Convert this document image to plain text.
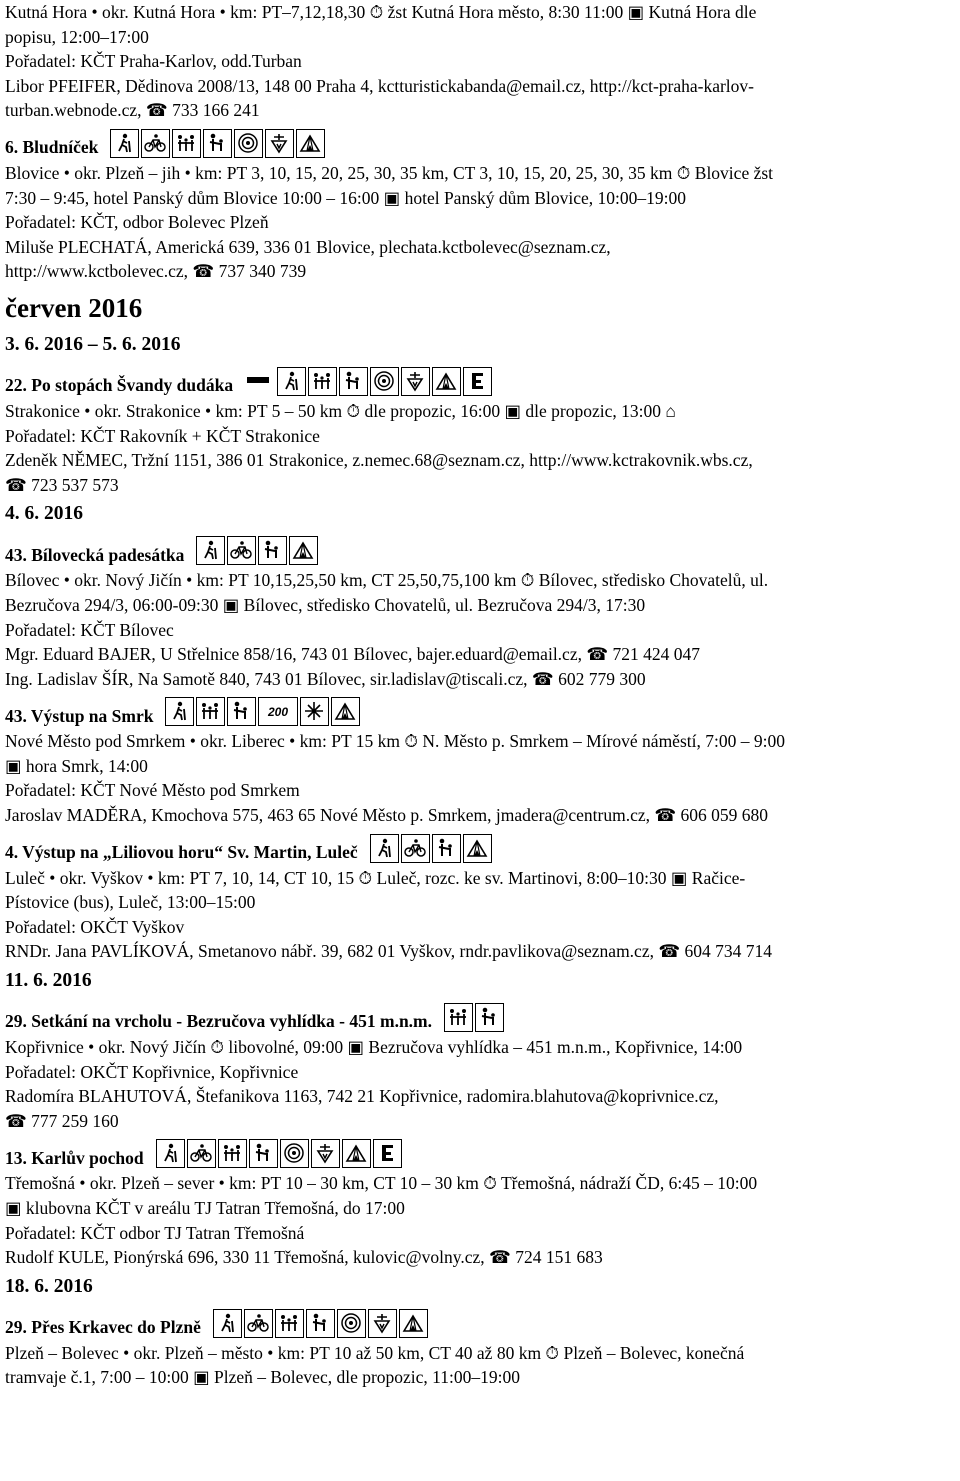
Kutná Hora • okr. Kutná Hora • km: PT–7,12,18,30 ⏱ žst Kutná Hora město, 8:30 11:00 ▣ Kutná Hora dle
popisu, 12:00–17:00
Pořadatel: KČT Praha-Karlov, odd.Turban
Libor PFEIFER, Dědinova 2008/13, 148 00 Praha 4, kctturistickabanda@email.cz, http://kct-praha-karlov-
turban.webnode.cz, ☎ 733 166 241
6. Bludníček
Blovice • okr. Plzeň – jih • km: PT 3, 10, 15, 20, 25, 30, 35 km, CT 3, 10, 15, 20, 25, 30, 35 km ⏱ Blovice žst
7:30 – 9:45, hotel Panský dům Blovice 10:00 – 16:00 ▣ hotel Panský dům Blovice, 10:00–19:00
Pořadatel: KČT, odbor Bolevec Plzeň
Miluše PLECHATÁ, Americká 639, 336 01 Blovice, plechata.kctbolevec@seznam.cz,
http://www.kctbolevec.cz, ☎ 737 340 739
červen 2016
3. 6. 2016 – 5. 6. 2016
22. Po stopách Švandy dudáka
Strakonice • okr. Strakonice • km: PT 5 – 50 km ⏱ dle propozic, 16:00 ▣ dle propozic, 13:00 ⌂
Pořadatel: KČT Rakovník + KČT Strakonice
Zdeněk NĚMEC, Tržní 1151, 386 01 Strakonice, z.nemec.68@seznam.cz, http://www.kctrakovnik.wbs.cz,
☎ 723 537 573
4. 6. 2016
43. Bílovecká padesátka
Bílovec • okr. Nový Jičín • km: PT 10,15,25,50 km, CT 25,50,75,100 km ⏱ Bílovec, středisko Chovatelů, ul.
Bezručova 294/3, 06:00-09:30 ▣ Bílovec, středisko Chovatelů, ul. Bezručova 294/3, 17:30
Pořadatel: KČT Bílovec
Mgr. Eduard BAJER, U Střelnice 858/16, 743 01 Bílovec, bajer.eduard@email.cz, ☎ 721 424 047
Ing. Ladislav ŠÍR, Na Samotě 840, 743 01 Bílovec, sir.ladislav@tiscali.cz, ☎ 602 779 300
43. Výstup na Smrk	200
Nové Město pod Smrkem • okr. Liberec • km: PT 15 km ⏱ N. Město p. Smrkem – Mírové náměstí, 7:00 – 9:00
▣ hora Smrk, 14:00
Pořadatel: KČT Nové Město pod Smrkem
Jaroslav MADĚRA, Kmochova 575, 463 65 Nové Město p. Smrkem, jmadera@centrum.cz, ☎ 606 059 680
4. Výstup na „Liliovou horu“ Sv. Martin, Luleč
Luleč • okr. Vyškov • km: PT 7, 10, 14, CT 10, 15 ⏱ Luleč, rozc. ke sv. Martinovi, 8:00–10:30 ▣ Račice-
Pístovice (bus), Luleč, 13:00–15:00
Pořadatel: OKČT Vyškov
RNDr. Jana PAVLÍKOVÁ, Smetanovo nábř. 39, 682 01 Vyškov, rndr.pavlikova@seznam.cz, ☎ 604 734 714
11. 6. 2016
29. Setkání na vrcholu - Bezručova vyhlídka - 451 m.n.m.
Kopřivnice • okr. Nový Jičín ⏱ libovolné, 09:00 ▣ Bezručova vyhlídka – 451 m.n.m., Kopřivnice, 14:00
Pořadatel: OKČT Kopřivnice, Kopřivnice
Radomíra BLAHUTOVÁ, Štefanikova 1163, 742 21 Kopřivnice, radomira.blahutova@koprivnice.cz,
☎ 777 259 160
13. Karlův pochod
Třemošná • okr. Plzeň – sever • km: PT 10 – 30 km, CT 10 – 30 km ⏱ Třemošná, nádraží ČD, 6:45 – 10:00
▣ klubovna KČT v areálu TJ Tatran Třemošná, do 17:00
Pořadatel: KČT odbor TJ Tatran Třemošná
Rudolf KULE, Pionýrská 696, 330 11 Třemošná, kulovic@volny.cz, ☎ 724 151 683
18. 6. 2016
29. Přes Krkavec do Plzně
Plzeň – Bolevec • okr. Plzeň – město • km: PT 10 až 50 km, CT 40 až 80 km ⏱ Plzeň – Bolevec, konečná
tramvaje č.1, 7:00 – 10:00 ▣ Plzeň – Bolevec, dle propozic, 11:00–19:00
